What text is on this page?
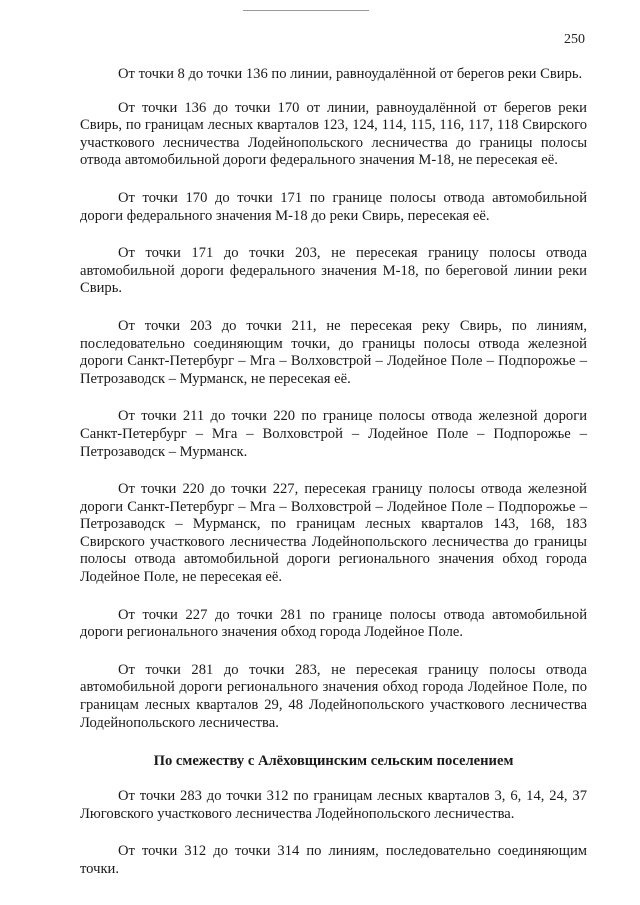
250

От точки 8 до точки 136 по линии, равноудалённой от берегов реки Свирь.

От точки 136 до точки 170 от линии, равноудалённой от берегов реки Свирь, по границам лесных кварталов 123, 124, 114, 115, 116, 117, 118 Свирского участкового лесничества Лодейнопольского лесничества до границы полосы отвода автомобильной дороги федерального значения М-18, не пересекая её.

От точки 170 до точки 171 по границе полосы отвода автомобильной дороги федерального значения М-18 до реки Свирь, пересекая её.

От точки 171 до точки 203, не пересекая границу полосы отвода автомобильной дороги федерального значения М-18, по береговой линии реки Свирь.

От точки 203 до точки 211, не пересекая реку Свирь, по линиям, последовательно соединяющим точки, до границы полосы отвода железной дороги Санкт-Петербург – Мга – Волховстрой – Лодейное Поле – Подпорожье – Петрозаводск – Мурманск, не пересекая её.

От точки 211 до точки 220 по границе полосы отвода железной дороги Санкт-Петербург – Мга – Волховстрой – Лодейное Поле – Подпорожье – Петрозаводск – Мурманск.

От точки 220 до точки 227, пересекая границу полосы отвода железной дороги Санкт-Петербург – Мга – Волховстрой – Лодейное Поле – Подпорожье – Петрозаводск – Мурманск, по границам лесных кварталов 143, 168, 183 Свирского участкового лесничества Лодейнопольского лесничества до границы полосы отвода автомобильной дороги регионального значения обход города Лодейное Поле, не пересекая её.

От точки 227 до точки 281 по границе полосы отвода автомобильной дороги регионального значения обход города Лодейное Поле.

От точки 281 до точки 283, не пересекая границу полосы отвода автомобильной дороги регионального значения обход города Лодейное Поле, по границам лесных кварталов 29, 48 Лодейнопольского участкового лесничества Лодейнопольского лесничества.

По смежеству с Алёховщинским сельским поселением

От точки 283 до точки 312 по границам лесных кварталов 3, 6, 14, 24, 37 Люговского участкового лесничества Лодейнопольского лесничества.

От точки 312 до точки 314 по линиям, последовательно соединяющим точки.
